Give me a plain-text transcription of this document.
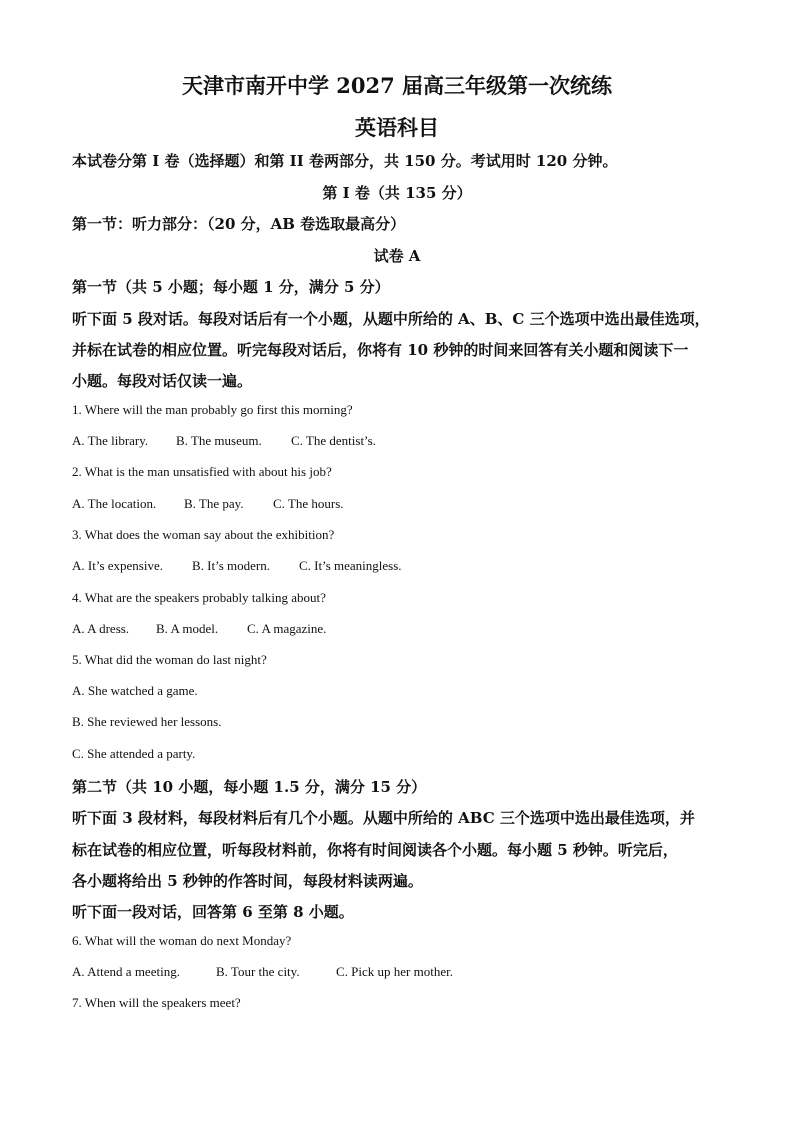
天津市南开中学 2027 届高三年级第一次统练
英语科目
本试卷分第 I 卷（选择题）和第 II 卷两部分，共 150 分。考试用时 120 分钟。
第 I 卷（共 135 分）
第一节：听力部分：（20 分，AB 卷选取最高分）
试卷 A
第一节（共 5 小题；每小题 1 分，满分 5 分）
听下面 5 段对话。每段对话后有一个小题，从题中所给的 A、B、C 三个选项中选出最佳选项，
并标在试卷的相应位置。听完每段对话后，你将有 10 秒钟的时间来回答有关小题和阅读下一
小题。每段对话仅读一遍。
1. Where will the man probably go first this morning?
A. The library. B. The museum. C. The dentist’s.
2. What is the man unsatisfied with about his job?
A. The location. B. The pay. C. The hours.
3. What does the woman say about the exhibition?
A. It’s expensive. B. It’s modern. C. It’s meaningless.
4. What are the speakers probably talking about?
A. A dress. B. A model. C. A magazine.
5. What did the woman do last night?
A. She watched a game.
B. She reviewed her lessons.
C. She attended a party.
第二节（共 10 小题，每小题 1.5 分，满分 15 分）
听下面 3 段材料，每段材料后有几个小题。从题中所给的 ABC 三个选项中选出最佳选项，并
标在试卷的相应位置，听每段材料前，你将有时间阅读各个小题。每小题 5 秒钟。听完后，
各小题将给出 5 秒钟的作答时间，每段材料读两遍。
听下面一段对话，回答第 6 至第 8 小题。
6. What will the woman do next Monday?
A. Attend a meeting.	B. Tour the city.	C. Pick up her mother.
7. When will the speakers meet?
